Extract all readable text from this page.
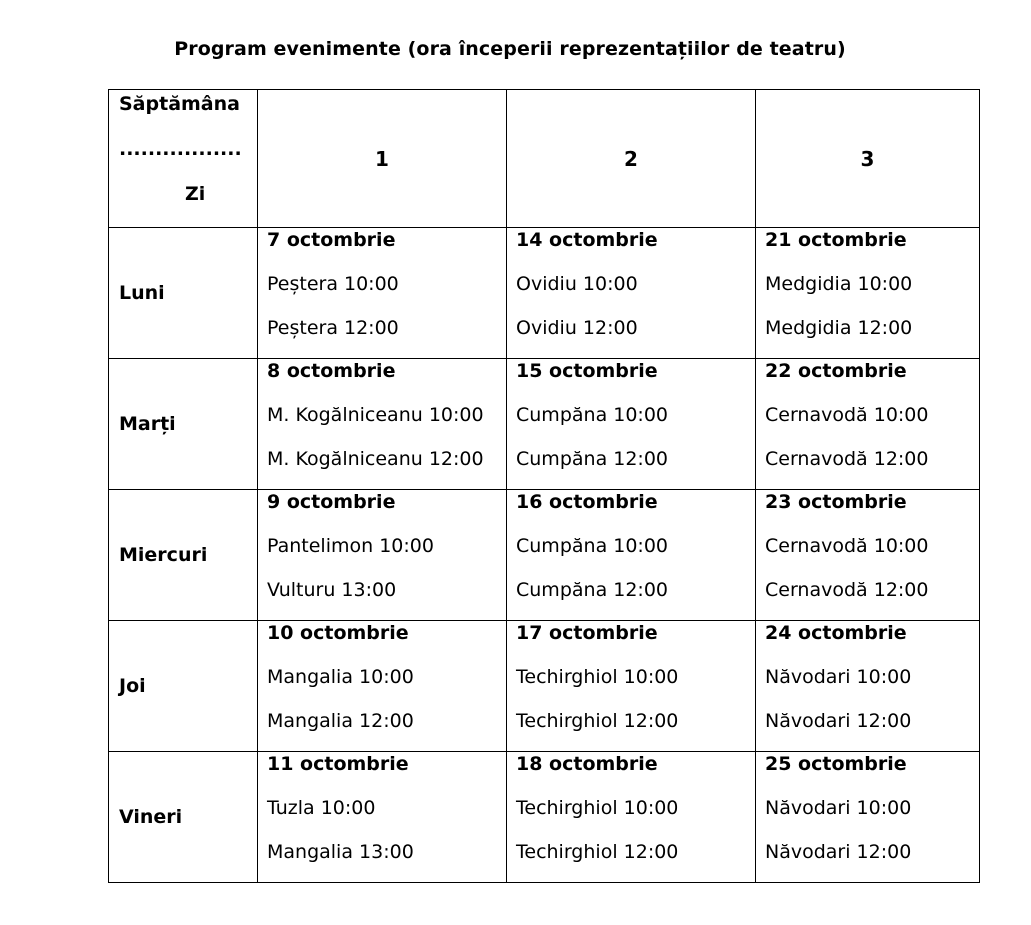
Program evenimente (ora începerii reprezentațiilor de teatru)
Săptămâna
.................
Zi	1	2	3
Luni	7 octombrie
Peștera 10:00
Peștera 12:00	14 octombrie
Ovidiu 10:00
Ovidiu 12:00	21 octombrie
Medgidia 10:00
Medgidia 12:00

Marți	8 octombrie
M. Kogălniceanu 10:00
M. Kogălniceanu 12:00	15 octombrie
Cumpăna 10:00
Cumpăna 12:00	22 octombrie
Cernavodă 10:00
Cernavodă 12:00

Miercuri	9 octombrie
Pantelimon 10:00
Vulturu 13:00	16 octombrie
Cumpăna 10:00
Cumpăna 12:00	23 octombrie
Cernavodă 10:00
Cernavodă 12:00

Joi	10 octombrie
Mangalia 10:00
Mangalia 12:00	17 octombrie
Techirghiol 10:00
Techirghiol 12:00	24 octombrie
Năvodari 10:00
Năvodari 12:00

Vineri	11 octombrie
Tuzla 10:00
Mangalia 13:00	18 octombrie
Techirghiol 10:00
Techirghiol 12:00	25 octombrie
Năvodari 10:00
Năvodari 12:00
